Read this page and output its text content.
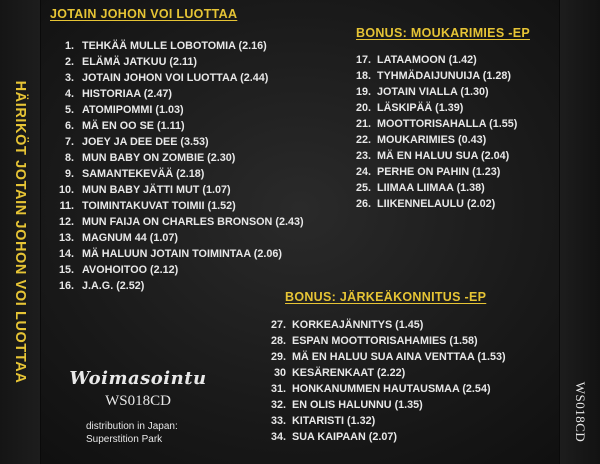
HÄIRIKÖT JOTAIN JOHON VOI LUOTTAA
WS018CD
JOTAIN JOHON VOI LUOTTAA
1. TEHKÄÄ MULLE LOBOTOMIA (2.16)
2. ELÄMÄ JATKUU (2.11)
3. JOTAIN JOHON VOI LUOTTAA (2.44)
4. HISTORIAA (2.47)
5. ATOMIPOMMI (1.03)
6. MÄ EN OO SE (1.11)
7. JOEY JA DEE DEE (3.53)
8. MUN BABY ON ZOMBIE (2.30)
9. SAMANTEKEVÄÄ (2.18)
10. MUN BABY JÄTTI MUT (1.07)
11. TOIMINTAKUVAT TOIMII (1.52)
12. MUN FAIJA ON CHARLES BRONSON (2.43)
13. MAGNUM 44 (1.07)
14. MÄ HALUUN JOTAIN TOIMINTAA (2.06)
15. AVOHOITOO (2.12)
16. J.A.G. (2.52)
BONUS: MOUKARIMIES -EP
17. LATAAMOON (1.42)
18. TYHMÄDAIJUNUIJA (1.28)
19. JOTAIN VIALLA (1.30)
20. LÄSKIPÄÄ (1.39)
21. MOOTTORISAHALLA (1.55)
22. MOUKARIMIES (0.43)
23. MÄ EN HALUU SUA (2.04)
24. PERHE ON PAHIN (1.23)
25. LIIMAA LIIMAA (1.38)
26. LIIKENNELAULU (2.02)
BONUS: JÄRKEÄKONNITUS -EP
27. KORKEAJÄNNITYS (1.45)
28. ESPAN MOOTTORISAHAMIES (1.58)
29. MÄ EN HALUU SUA AINA VENTTAA (1.53)
30 KESÄRENKAAT (2.22)
31. HONKANUMMEN HAUTAUSMAA (2.54)
32. EN OLIS HALUNNU (1.35)
33. KITARISTI (1.32)
34. SUA KAIPAAN (2.07)
Woimasointu
WS018CD
distribution in Japan:
Superstition Park
